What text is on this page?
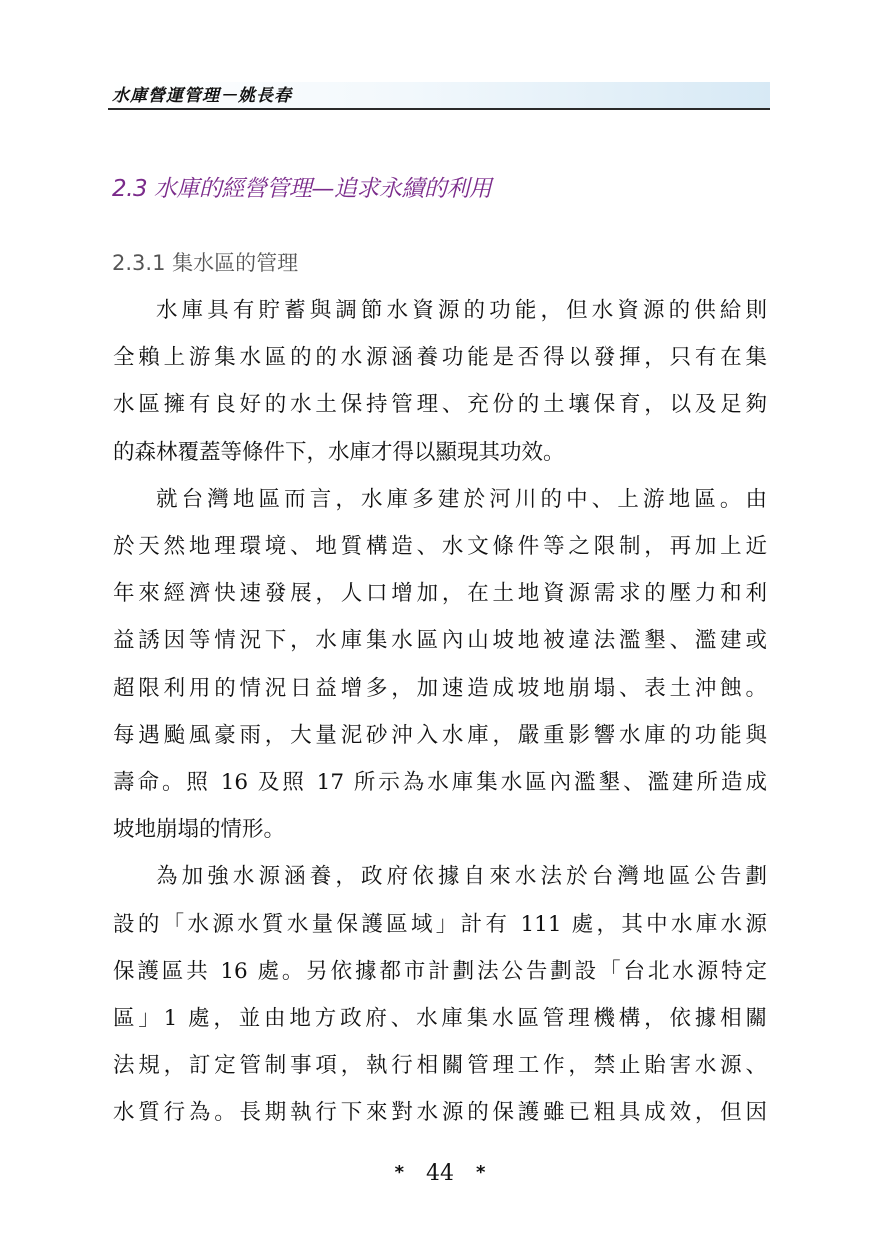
水庫營運管理－姚長春
2.3 水庫的經營管理—追求永續的利用
2.3.1 集水區的管理
水庫具有貯蓄與調節水資源的功能，但水資源的供給則
全賴上游集水區的的水源涵養功能是否得以發揮，只有在集
水區擁有良好的水土保持管理、充份的土壤保育，以及足夠
的森林覆蓋等條件下，水庫才得以顯現其功效。
就台灣地區而言，水庫多建於河川的中、上游地區。由
於天然地理環境、地質構造、水文條件等之限制，再加上近
年來經濟快速發展，人口增加，在土地資源需求的壓力和利
益誘因等情況下，水庫集水區內山坡地被違法濫墾、濫建或
超限利用的情況日益增多，加速造成坡地崩塌、表土沖蝕。
每遇颱風豪雨，大量泥砂沖入水庫，嚴重影響水庫的功能與
壽命。照 16 及照 17 所示為水庫集水區內濫墾、濫建所造成
坡地崩塌的情形。
為加強水源涵養，政府依據自來水法於台灣地區公告劃
設的「水源水質水量保護區域」計有 111 處，其中水庫水源
保護區共 16 處。另依據都市計劃法公告劃設「台北水源特定
區」1 處，並由地方政府、水庫集水區管理機構，依據相關
法規，訂定管制事項，執行相關管理工作，禁止貽害水源、
水質行為。長期執行下來對水源的保護雖已粗具成效，但因
* 44 *
